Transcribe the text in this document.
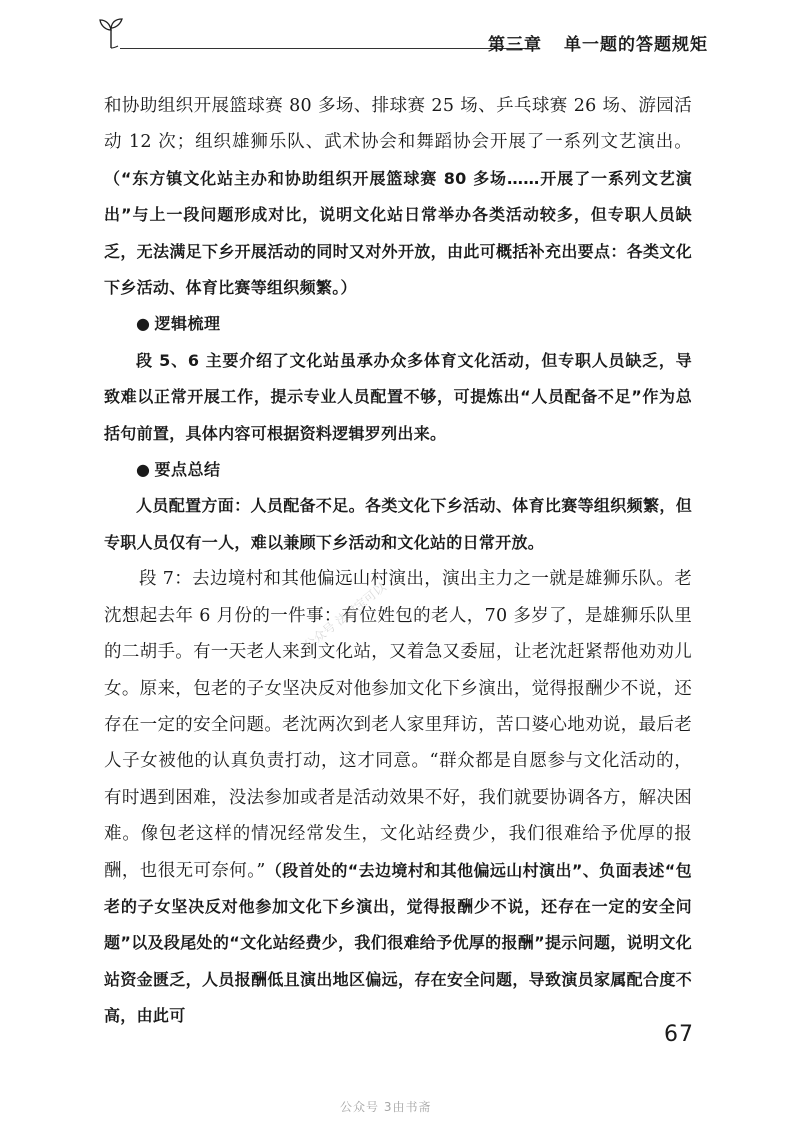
第三章 单一题的答题规矩

和协助组织开展篮球赛 80 多场、排球赛 25 场、乒乓球赛 26 场、游园活动 12 次；组织雄狮乐队、武术协会和舞蹈协会开展了一系列文艺演出。（“东方镇文化站主办和协助组织开展篮球赛 80 多场……开展了一系列文艺演出”与上一段问题形成对比，说明文化站日常举办各类活动较多，但专职人员缺乏，无法满足下乡开展活动的同时又对外开放，由此可概括补充出要点：各类文化下乡活动、体育比赛等组织频繁。）

● 逻辑梳理

段 5、6 主要介绍了文化站虽承办众多体育文化活动，但专职人员缺乏，导致难以正常开展工作，提示专业人员配置不够，可提炼出“人员配备不足”作为总括句前置，具体内容可根据资料逻辑罗列出来。

● 要点总结

人员配置方面：人员配备不足。各类文化下乡活动、体育比赛等组织频繁，但专职人员仅有一人，难以兼顾下乡活动和文化站的日常开放。

段 7：去边境村和其他偏远山村演出，演出主力之一就是雄狮乐队。老沈想起去年 6 月份的一件事：有位姓包的老人，70 多岁了，是雄狮乐队里的二胡手。有一天老人来到文化站，又着急又委屈，让老沈赶紧帮他劝劝儿女。原来，包老的子女坚决反对他参加文化下乡演出，觉得报酬少不说，还存在一定的安全问题。老沈两次到老人家里拜访，苦口婆心地劝说，最后老人子女被他的认真负责打动，这才同意。“群众都是自愿参与文化活动的，有时遇到困难，没法参加或者是活动效果不好，我们就要协调各方，解决困难。像包老这样的情况经常发生，文化站经费少，我们很难给予优厚的报酬，也很无可奈何。”（段首处的“去边境村和其他偏远山村演出”、负面表述“包老的子女坚决反对他参加文化下乡演出，觉得报酬少不说，还存在一定的安全问题”以及段尾处的“文化站经费少，我们很难给予优厚的报酬”提示问题，说明文化站资金匮乏，人员报酬低且演出地区偏远，存在安全问题，导致演员家属配合度不高，由此可

公众号 法律宝可以
67
公众号 3由书斋
